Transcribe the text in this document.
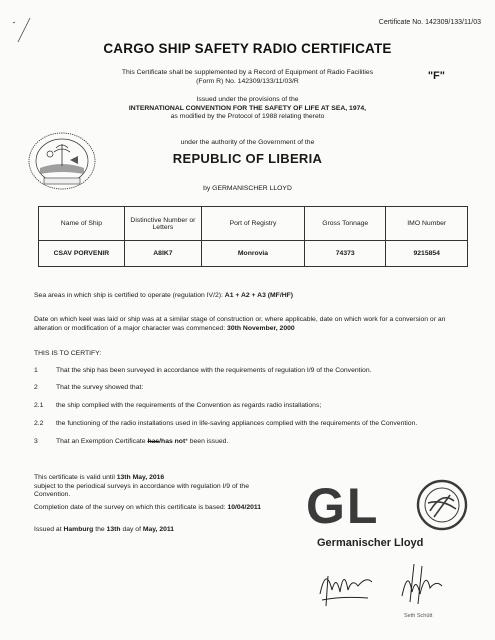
Certificate No. 142309/133/11/03
CARGO SHIP SAFETY RADIO CERTIFICATE
This Certificate shall be supplemented by a Record of Equipment of Radio Facilities
(Form R) No. 142309/133/11/03/R	"F"
Issued under the provisions of the
INTERNATIONAL CONVENTION FOR THE SAFETY OF LIFE AT SEA, 1974,
as modified by the Protocol of 1988 relating thereto
under the authority of the Government of the
REPUBLIC OF LIBERIA
by GERMANISCHER LLOYD
Name of Ship	Distinctive Number or Letters	Port of Registry	Gross Tonnage	IMO Number
CSAV PORVENIR	A8IK7	Monrovia	74373	9215854
Sea areas in which ship is certified to operate (regulation IV/2): A1 + A2 + A3 (MF/HF)
Date on which keel was laid or ship was at a similar stage of construction or, where applicable, date on which work for a conversion or an alteration or modification of a major character was commenced: 30th November, 2000
THIS IS TO CERTIFY:
1	That the ship has been surveyed in accordance with the requirements of regulation I/9 of the Convention.
2	That the survey showed that:
2.1	the ship complied with the requirements of the Convention as regards radio installations;
2.2	the functioning of the radio installations used in life-saving appliances complied with the requirements of the Convention.
3	That an Exemption Certificate has/has not* been issued.
This certificate is valid until 13th May, 2016
subject to the periodical surveys in accordance with regulation I/9 of the Convention.
Completion date of the survey on which this certificate is based: 10/04/2011
Issued at Hamburg the 13th day of May, 2011	GL
Germanischer Lloyd
Seth Schütt
